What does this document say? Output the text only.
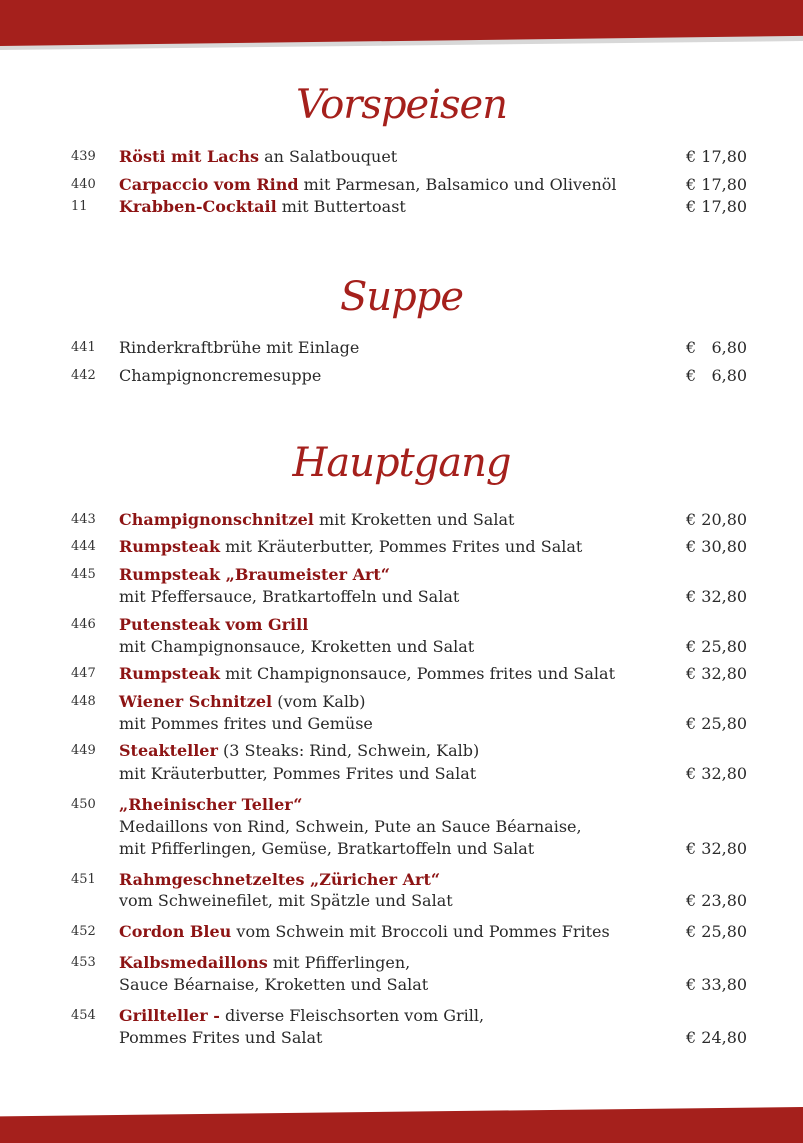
Vorspeisen
439 Rösti mit Lachs an Salatbouquet	€ 17,80
440 Carpaccio vom Rind mit Parmesan, Balsamico und Olivenöl	€ 17,80
11 Krabben-Cocktail mit Buttertoast	€ 17,80
Suppe
441 Rinderkraftbrühe mit Einlage	€   6,80
442 Champignoncremesuppe	€   6,80
Hauptgang
443 Champignonschnitzel mit Kroketten und Salat	€ 20,80
444 Rumpsteak mit Kräuterbutter, Pommes Frites und Salat	€ 30,80
445 Rumpsteak „Braumeister Art“
mit Pfeffersauce, Bratkartoffeln und Salat	€ 32,80
446 Putensteak vom Grill
mit Champignonsauce, Kroketten und Salat	€ 25,80
447 Rumpsteak mit Champignonsauce, Pommes frites und Salat	€ 32,80
448 Wiener Schnitzel (vom Kalb)
mit Pommes frites und Gemüse	€ 25,80
449 Steakteller (3 Steaks: Rind, Schwein, Kalb)
mit Kräuterbutter, Pommes Frites und Salat	€ 32,80
450 „Rheinischer Teller“
Medaillons von Rind, Schwein, Pute an Sauce Béarnaise,
mit Pfifferlingen, Gemüse, Bratkartoffeln und Salat	€ 32,80
451 Rahmgeschnetzeltes „Züricher Art“
vom Schweinefilet, mit Spätzle und Salat	€ 23,80
452 Cordon Bleu vom Schwein mit Broccoli und Pommes Frites	€ 25,80
453 Kalbsmedaillons mit Pfifferlingen,
Sauce Béarnaise, Kroketten und Salat	€ 33,80
454 Grillteller - diverse Fleischsorten vom Grill,
Pommes Frites und Salat	€ 24,80
